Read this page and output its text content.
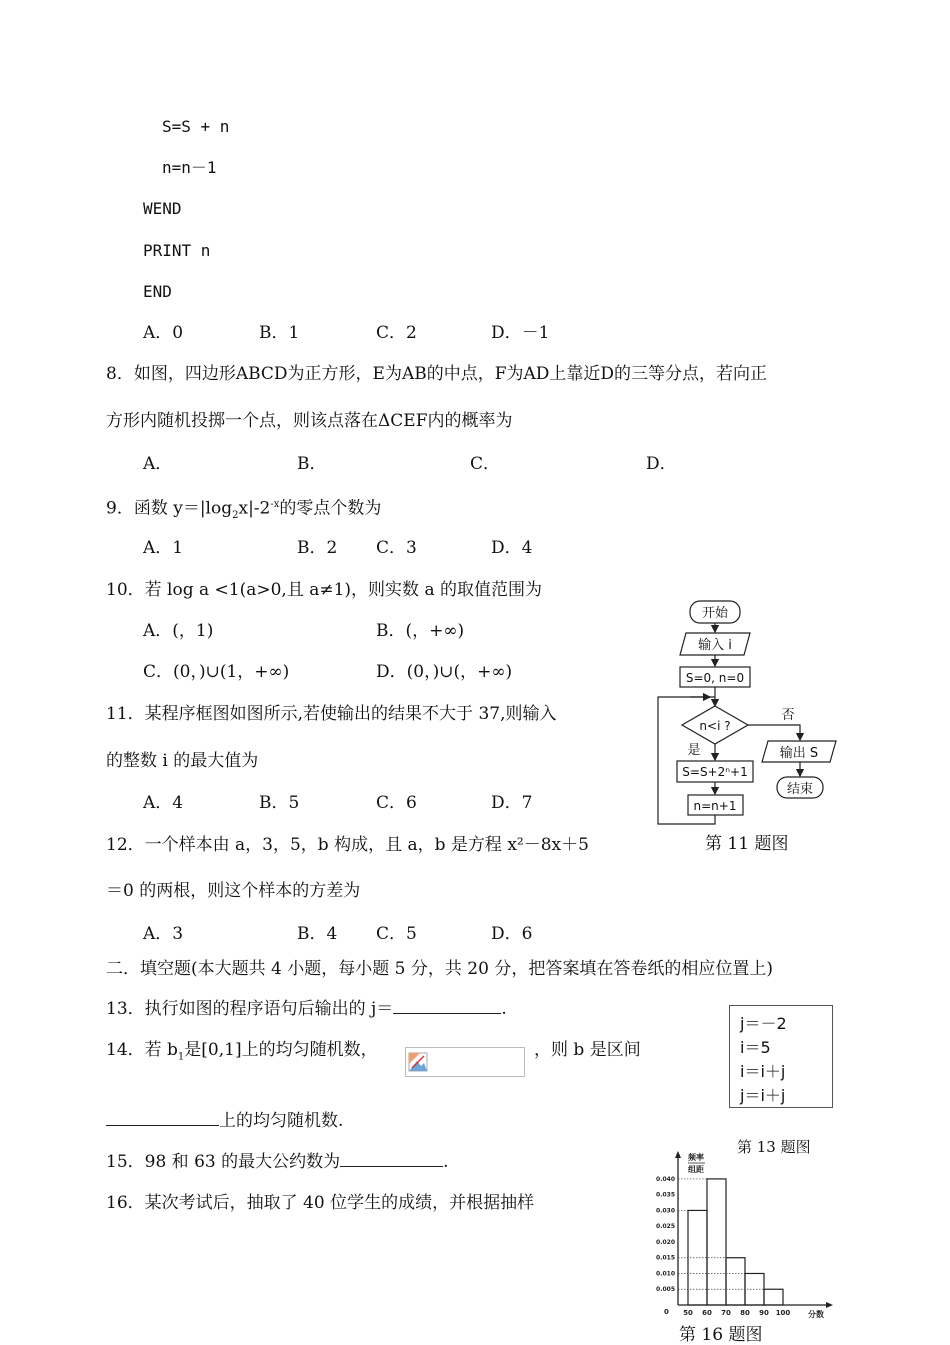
S=S + n
n=n－1
WEND
PRINT n
END
A．0	B．1	C．2	D．－1
8．如图，四边形ABCD为正方形，E为AB的中点，F为AD上靠近D的三等分点，若向正
方形内随机投掷一个点，则该点落在ΔCEF内的概率为
A．	B．	C．	D．
9．函数 $y=|\log_2x|-2^{-x}$的零点个数为
A．1	B．2 C．3	D．4
10．若 log a <1(a>0,且 a≠1)，则实数 a 的取值范围为
A．(，1)	B．(，+∞)
C．(0，)∪(1，+∞)	D．(0，)∪(，+∞)
11．某程序框图如图所示,若使输出的结果不大于 37,则输入
的整数 i 的最大值为
A．4	B．5	C．6	D．7
开始
输入 i
S=0, n=0
n<i ?
否
是	输出 S
结束
S=S+2ⁿ+1
n=n+1
第 11 题图
12．一个样本由 a，3，5，b 构成，且 a，b 是方程 x²－8x＋5
＝0 的两根，则这个样本的方差为
A．3	B．4 C．5	D．6
二．填空题(本大题共 4 小题，每小题 5 分，共 20 分，把答案填在答卷纸的相应位置上)
13．执行如图的程序语句后输出的 j＝	.
j＝－2
i＝5
i＝i＋j
j＝i＋j
第 13 题图
14．若 $b_1$是[0,1]上的均匀随机数，	，则 b 是区间
上的均匀随机数.
15．98 和 63 的最大公约数为	.
16．某次考试后，抽取了 40 位学生的成绩，并根据抽样
0.005
0.010
0.015
0.020
0.025
0.030
0.035
0.040
50 60 70 80 90 100
0	分数
频率
组距
第 16 题图
